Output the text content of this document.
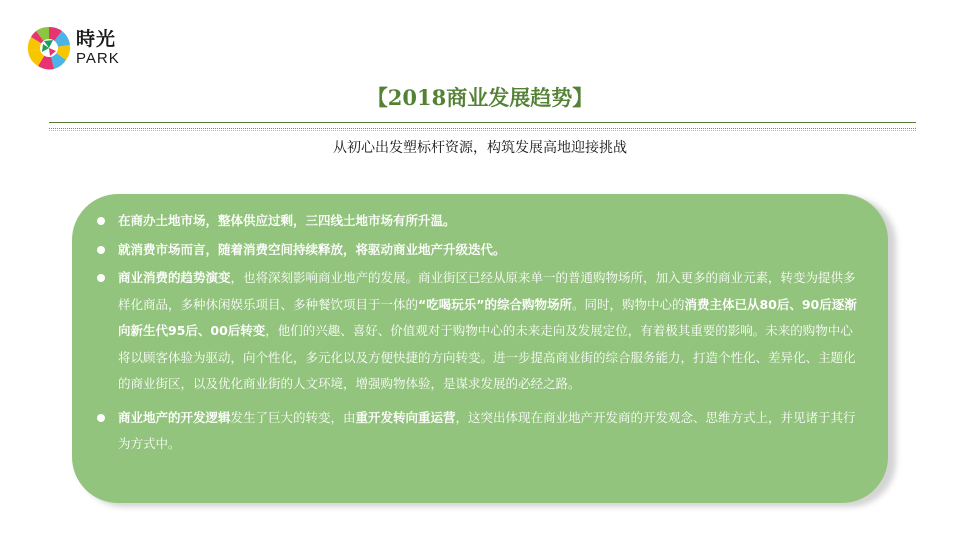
時光
PARK
【2018商业发展趋势】
从初心出发塑标杆资源，构筑发展高地迎接挑战
在商办土地市场，整体供应过剩，三四线土地市场有所升温。
就消费市场而言，随着消费空间持续释放，将驱动商业地产升级迭代。
商业消费的趋势演变，也将深刻影响商业地产的发展。商业街区已经从原来单一的普通购物场所，加入更多的商业元素，转变为提供多样化商品，多种休闲娱乐项目、多种餐饮项目于一体的“吃喝玩乐”的综合购物场所。同时，购物中心的消费主体已从80后、90后逐渐向新生代95后、00后转变，他们的兴趣、喜好、价值观对于购物中心的未来走向及发展定位，有着极其重要的影响。未来的购物中心将以顾客体验为驱动，向个性化，多元化以及方便快捷的方向转变。进一步提高商业街的综合服务能力，打造个性化、差异化、主题化的商业街区，以及优化商业街的人文环境，增强购物体验，是谋求发展的必经之路。
商业地产的开发逻辑发生了巨大的转变，由重开发转向重运营，这突出体现在商业地产开发商的开发观念、思维方式上，并见诸于其行为方式中。
